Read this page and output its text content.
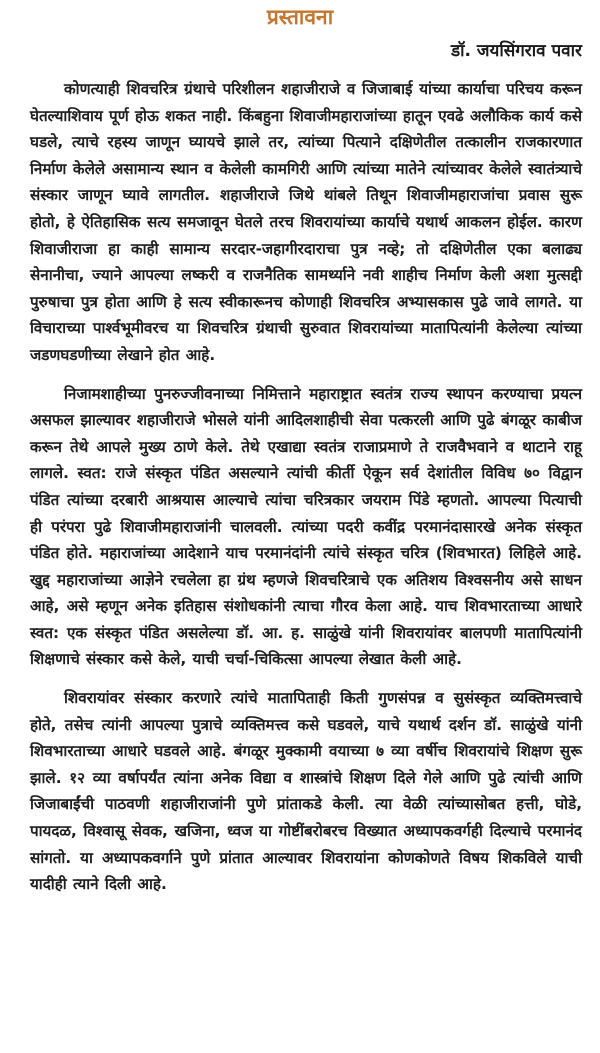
प्रस्तावना
डॉ. जयसिंगराव पवार

कोणत्याही शिवचरित्र ग्रंथाचे परिशीलन शहाजीराजे व जिजाबाई यांच्या कार्याचा परिचय करून घेतल्याशिवाय पूर्ण होऊ शकत नाही. किंबहुना शिवाजीमहाराजांच्या हातून एवढे अलौकिक कार्य कसे घडले, त्याचे रहस्य जाणून घ्यायचे झाले तर, त्यांच्या पित्याने दक्षिणेतील तत्कालीन राजकारणात निर्माण केलेले असामान्य स्थान व केलेली कामगिरी आणि त्यांच्या मातेने त्यांच्यावर केलेले स्वातंत्र्याचे संस्कार जाणून घ्यावे लागतील. शहाजीराजे जिथे थांबले तिथून शिवाजीमहाराजांचा प्रवास सुरू होतो, हे ऐतिहासिक सत्य समजावून घेतले तरच शिवरायांच्या कार्याचे यथार्थ आकलन होईल. कारण शिवाजीराजा हा काही सामान्य सरदार-जहागीरदाराचा पुत्र नव्हे; तो दक्षिणेतील एका बलाढ्य सेनानीचा, ज्याने आपल्या लष्करी व राजनैतिक सामर्थ्याने नवी शाहीच निर्माण केली अशा मुत्सद्दी पुरुषाचा पुत्र होता आणि हे सत्य स्वीकारूनच कोणाही शिवचरित्र अभ्यासकास पुढे जावे लागते. या विचाराच्या पार्श्वभूमीवरच या शिवचरित्र ग्रंथाची सुरुवात शिवरायांच्या मातापित्यांनी केलेल्या त्यांच्या जडणघडणीच्या लेखाने होत आहे.

निजामशाहीच्या पुनरुज्जीवनाच्या निमित्ताने महाराष्ट्रात स्वतंत्र राज्य स्थापन करण्याचा प्रयत्न असफल झाल्यावर शहाजीराजे भोसले यांनी आदिलशाहीची सेवा पत्करली आणि पुढे बंगळूर काबीज करून तेथे आपले मुख्य ठाणे केले. तेथे एखाद्या स्वतंत्र राजाप्रमाणे ते राजवैभवाने व थाटाने राहू लागले. स्वत: राजे संस्कृत पंडित असल्याने त्यांची कीर्ती ऐकून सर्व देशांतील विविध ७० विद्वान पंडित त्यांच्या दरबारी आश्रयास आल्याचे त्यांचा चरित्रकार जयराम पिंडे म्हणतो. आपल्या पित्याची ही परंपरा पुढे शिवाजीमहाराजांनी चालवली. त्यांच्या पदरी कवींद्र परमानंदासारखे अनेक संस्कृत पंडित होते. महाराजांच्या आदेशाने याच परमानंदांनी त्यांचे संस्कृत चरित्र (शिवभारत) लिहिले आहे. खुद्द महाराजांच्या आज्ञेने रचलेला हा ग्रंथ म्हणजे शिवचरित्राचे एक अतिशय विश्वसनीय असे साधन आहे, असे म्हणून अनेक इतिहास संशोधकांनी त्याचा गौरव केला आहे. याच शिवभारताच्या आधारे स्वत: एक संस्कृत पंडित असलेल्या डॉ. आ. ह. साळुंखे यांनी शिवरायांवर बालपणी मातापित्यांनी शिक्षणाचे संस्कार कसे केले, याची चर्चा-चिकित्सा आपल्या लेखात केली आहे.

शिवरायांवर संस्कार करणारे त्यांचे मातापिताही किती गुणसंपन्न व सुसंस्कृत व्यक्तिमत्त्वाचे होते, तसेच त्यांनी आपल्या पुत्राचे व्यक्तिमत्त्व कसे घडवले, याचे यथार्थ दर्शन डॉ. साळुंखे यांनी शिवभारताच्या आधारे घडवले आहे. बंगळूर मुक्कामी वयाच्या ७ व्या वर्षीच शिवरायांचे शिक्षण सुरू झाले. १२ व्या वर्षापर्यंत त्यांना अनेक विद्या व शास्त्रांचे शिक्षण दिले गेले आणि पुढे त्यांची आणि जिजाबाईंची पाठवणी शहाजीराजांनी पुणे प्रांताकडे केली. त्या वेळी त्यांच्यासोबत हत्ती, घोडे, पायदळ, विश्वासू सेवक, खजिना, ध्वज या गोष्टींबरोबरच विख्यात अध्यापकवर्गही दिल्याचे परमानंद सांगतो. या अध्यापकवर्गाने पुणे प्रांतात आल्यावर शिवरायांना कोणकोणते विषय शिकविले याची यादीही त्याने दिली आहे.
